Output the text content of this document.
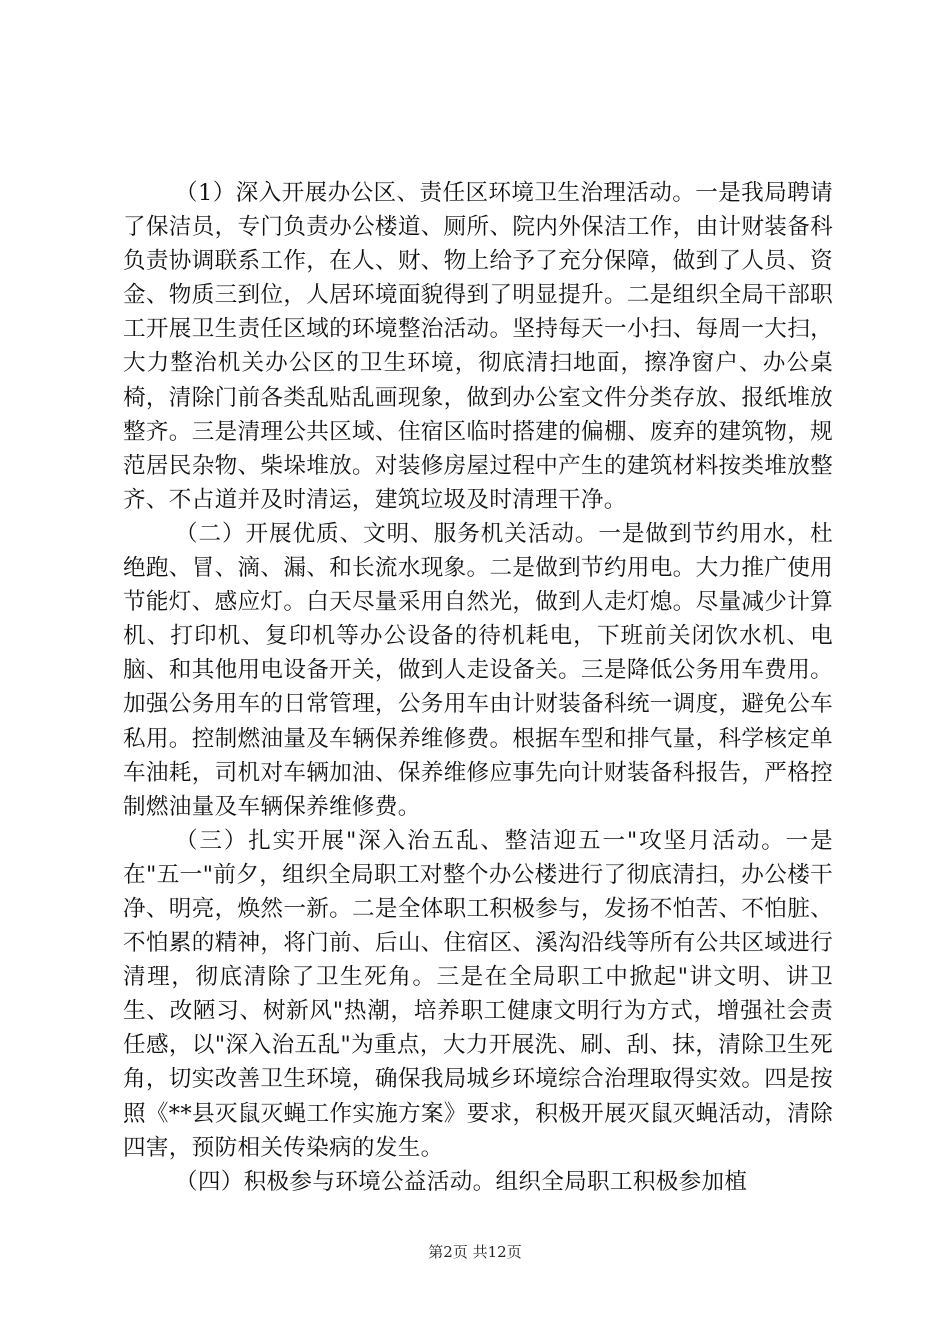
（1）深入开展办公区、责任区环境卫生治理活动。一是我局聘请了保洁员，专门负责办公楼道、厕所、院内外保洁工作，由计财装备科负责协调联系工作，在人、财、物上给予了充分保障，做到了人员、资金、物质三到位，人居环境面貌得到了明显提升。二是组织全局干部职工开展卫生责任区域的环境整治活动。坚持每天一小扫、每周一大扫，大力整治机关办公区的卫生环境，彻底清扫地面，擦净窗户、办公桌椅，清除门前各类乱贴乱画现象，做到办公室文件分类存放、报纸堆放整齐。三是清理公共区域、住宿区临时搭建的偏棚、废弃的建筑物，规范居民杂物、柴垛堆放。对装修房屋过程中产生的建筑材料按类堆放整齐、不占道并及时清运，建筑垃圾及时清理干净。

（二）开展优质、文明、服务机关活动。一是做到节约用水，杜绝跑、冒、滴、漏、和长流水现象。二是做到节约用电。大力推广使用节能灯、感应灯。白天尽量采用自然光，做到人走灯熄。尽量减少计算机、打印机、复印机等办公设备的待机耗电，下班前关闭饮水机、电脑、和其他用电设备开关，做到人走设备关。三是降低公务用车费用。加强公务用车的日常管理，公务用车由计财装备科统一调度，避免公车私用。控制燃油量及车辆保养维修费。根据车型和排气量，科学核定单车油耗，司机对车辆加油、保养维修应事先向计财装备科报告，严格控制燃油量及车辆保养维修费。

（三）扎实开展"深入治五乱、整洁迎五一"攻坚月活动。一是在"五一"前夕，组织全局职工对整个办公楼进行了彻底清扫，办公楼干净、明亮，焕然一新。二是全体职工积极参与，发扬不怕苦、不怕脏、不怕累的精神，将门前、后山、住宿区、溪沟沿线等所有公共区域进行清理，彻底清除了卫生死角。三是在全局职工中掀起"讲文明、讲卫生、改陋习、树新风"热潮，培养职工健康文明行为方式，增强社会责任感，以"深入治五乱"为重点，大力开展洗、刷、刮、抹，清除卫生死角，切实改善卫生环境，确保我局城乡环境综合治理取得实效。四是按照《**县灭鼠灭蝇工作实施方案》要求，积极开展灭鼠灭蝇活动，清除四害，预防相关传染病的发生。

（四）积极参与环境公益活动。组织全局职工积极参加植

第2页 共12页
